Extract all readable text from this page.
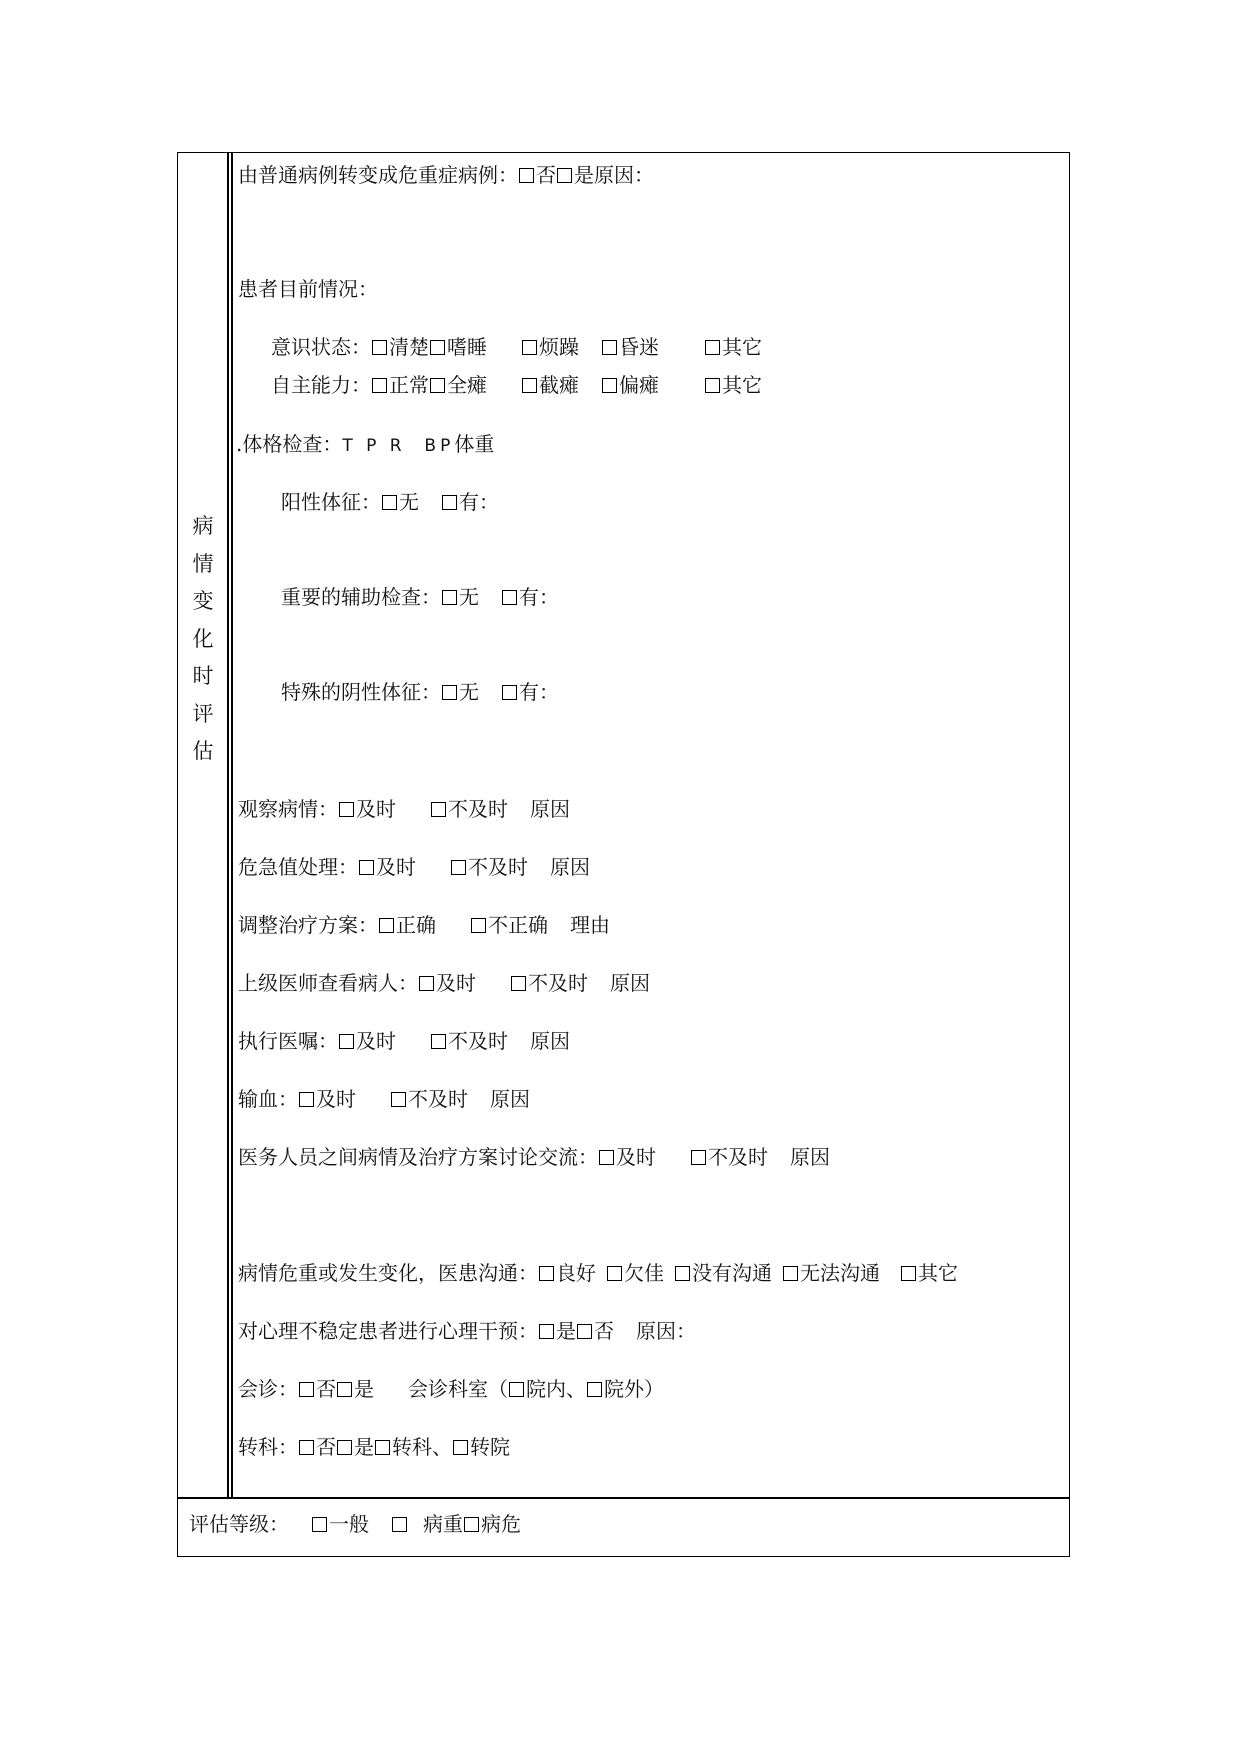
病
情
变
化
时
评
估
由普通病例转变成危重症病例： 否 是原因：
患者目前情况：
意识状态： 清楚 嗜睡	烦躁 昏迷	其它
自主能力： 正常 全瘫	截瘫 偏瘫	其它
.体格检查：T P R  BP体重
阳性体征： 无 有：
重要的辅助检查： 无 有：
特殊的阴性体征： 无 有：
观察病情： 及时	不及时 原因
危急值处理： 及时	不及时 原因
调整治疗方案： 正确	不正确 理由
上级医师查看病人： 及时	不及时 原因
执行医嘱： 及时	不及时 原因
输血： 及时	不及时 原因
医务人员之间病情及治疗方案讨论交流： 及时	不及时 原因
病情危重或发生变化，医患沟通： 良好 欠佳 没有沟通 无法沟通 其它
对心理不稳定患者进行心理干预： 是 否 原因：
会诊： 否 是 会诊科室（ 院内、 院外）
转科： 否 是 转科、 转院
评估等级： 一般	病重 病危
